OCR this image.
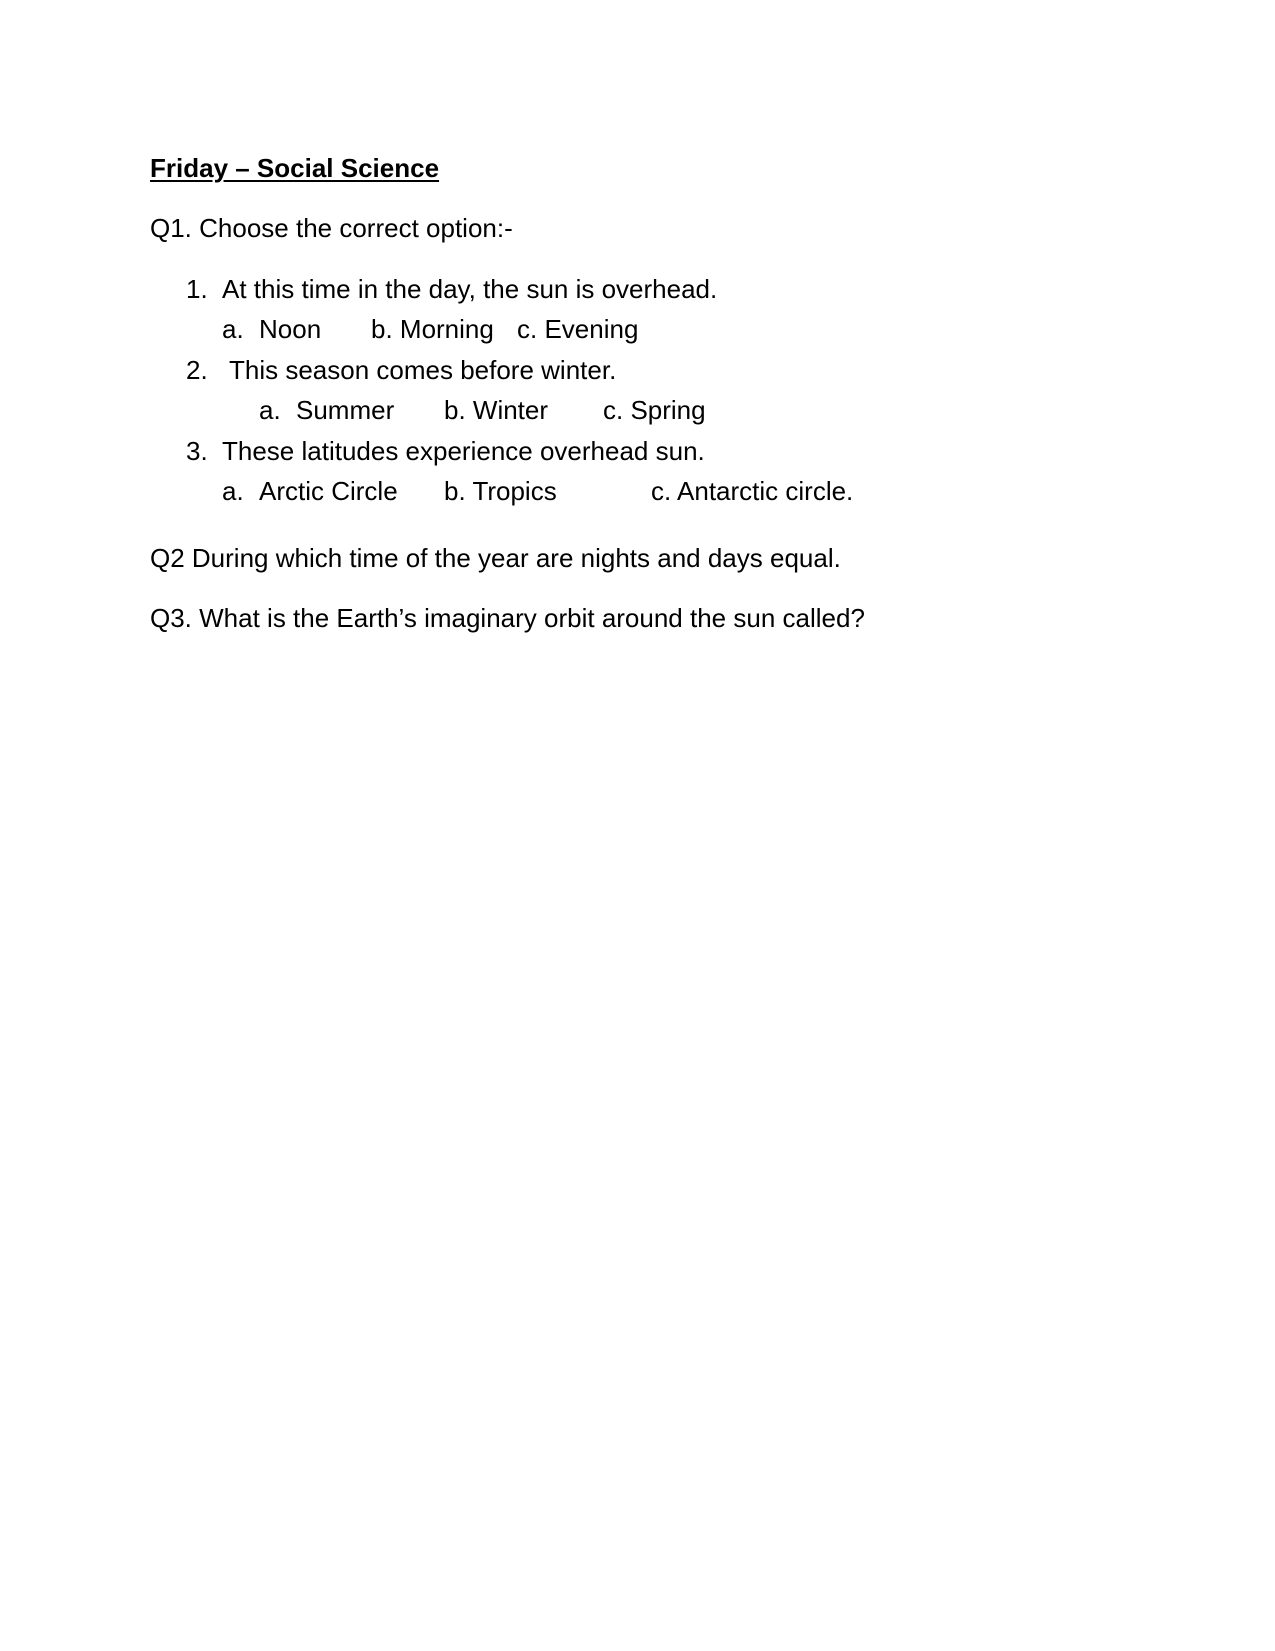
Friday – Social Science
Q1. Choose the correct option:-
1. At this time in the day, the sun is overhead.
a. Noon b. Morning c. Evening
2. This season comes before winter.
a. Summer b. Winter c. Spring
3. These latitudes experience overhead sun.
a. Arctic Circle b. Tropics	c. Antarctic circle.
Q2 During which time of the year are nights and days equal.
Q3. What is the Earth’s imaginary orbit around the sun called?
